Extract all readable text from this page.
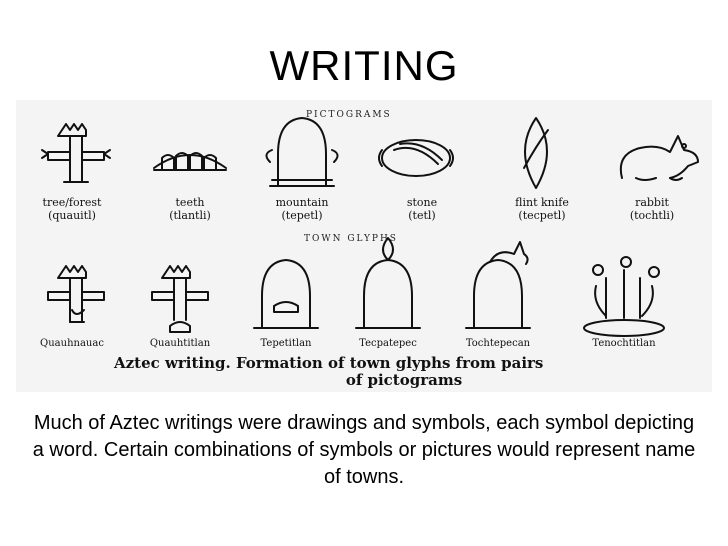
WRITING
PICTOGRAMS
tree/forest
(quauitl)
teeth
(tlantli)
mountain
(tepetl)
stone
(tetl)
flint knife
(tecpetl)
rabbit
(tochtli)
TOWN GLYPHS
Quauhnauac	Quauhtitlan	Tepetitlan	Tecpatepec	Tochtepecan	Tenochtitlan
Aztec writing. Formation of town glyphs from pairs
of pictograms
Much of Aztec writings were drawings and symbols, each symbol depicting a word. Certain combinations of symbols or pictures would represent name of towns.
